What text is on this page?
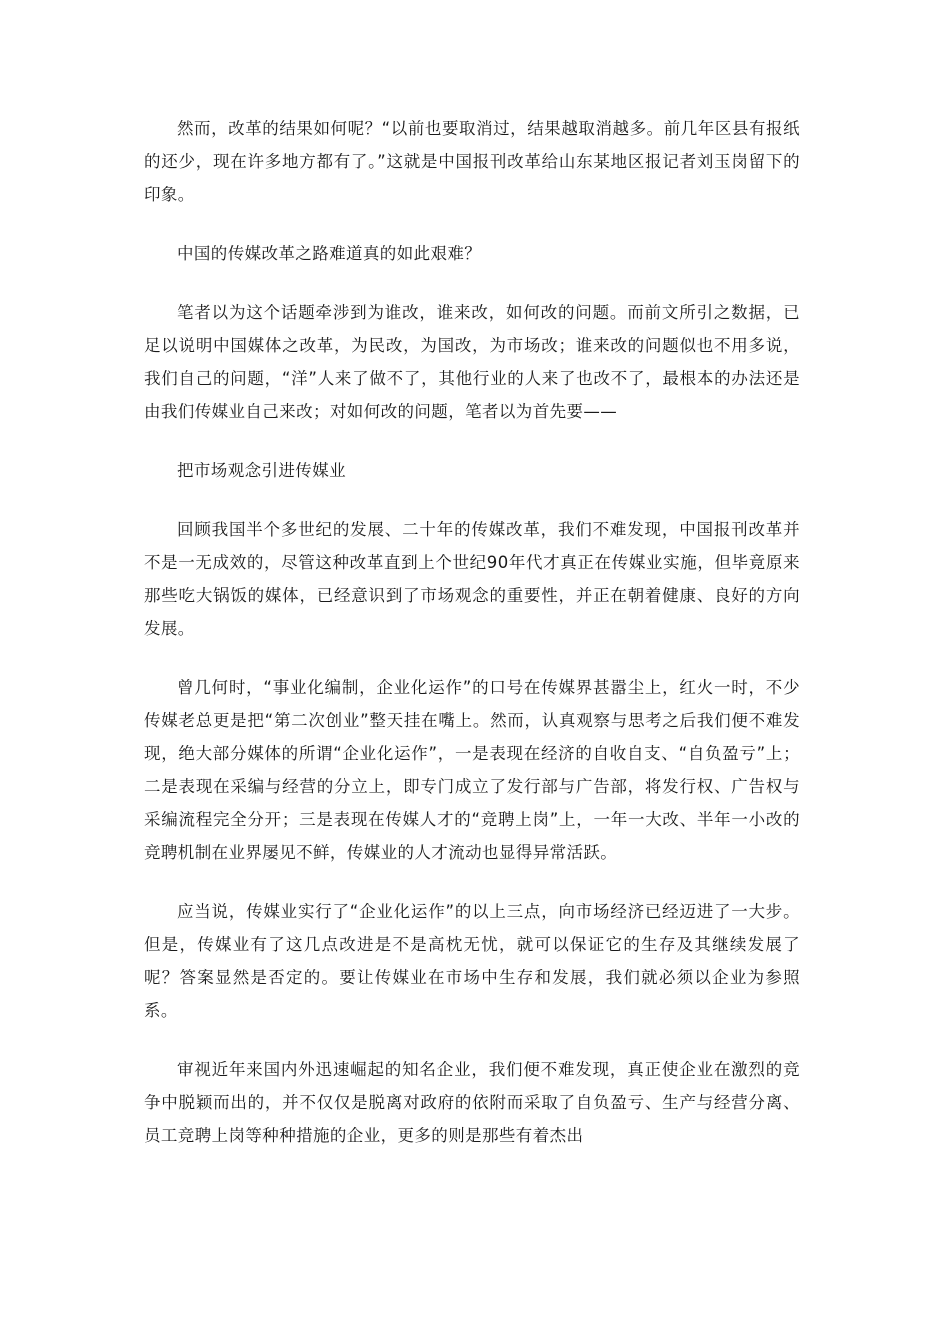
然而，改革的结果如何呢？“以前也要取消过，结果越取消越多。前几年区县有报纸的还少，现在许多地方都有了。”这就是中国报刊改革给山东某地区报记者刘玉岗留下的印象。

中国的传媒改革之路难道真的如此艰难？

笔者以为这个话题牵涉到为谁改，谁来改，如何改的问题。而前文所引之数据，已足以说明中国媒体之改革，为民改，为国改，为市场改；谁来改的问题似也不用多说，我们自己的问题，“洋”人来了做不了，其他行业的人来了也改不了，最根本的办法还是由我们传媒业自己来改；对如何改的问题，笔者以为首先要——

把市场观念引进传媒业

回顾我国半个多世纪的发展、二十年的传媒改革，我们不难发现，中国报刊改革并不是一无成效的，尽管这种改革直到上个世纪90年代才真正在传媒业实施，但毕竟原来那些吃大锅饭的媒体，已经意识到了市场观念的重要性，并正在朝着健康、良好的方向发展。

曾几何时，“事业化编制，企业化运作”的口号在传媒界甚嚣尘上，红火一时，不少传媒老总更是把“第二次创业”整天挂在嘴上。然而，认真观察与思考之后我们便不难发现，绝大部分媒体的所谓“企业化运作”，一是表现在经济的自收自支、“自负盈亏”上；二是表现在采编与经营的分立上，即专门成立了发行部与广告部，将发行权、广告权与采编流程完全分开；三是表现在传媒人才的“竞聘上岗”上，一年一大改、半年一小改的竞聘机制在业界屡见不鲜，传媒业的人才流动也显得异常活跃。

应当说，传媒业实行了“企业化运作”的以上三点，向市场经济已经迈进了一大步。但是，传媒业有了这几点改进是不是高枕无忧，就可以保证它的生存及其继续发展了呢？答案显然是否定的。要让传媒业在市场中生存和发展，我们就必须以企业为参照系。

审视近年来国内外迅速崛起的知名企业，我们便不难发现，真正使企业在激烈的竞争中脱颖而出的，并不仅仅是脱离对政府的依附而采取了自负盈亏、生产与经营分离、员工竞聘上岗等种种措施的企业，更多的则是那些有着杰出
